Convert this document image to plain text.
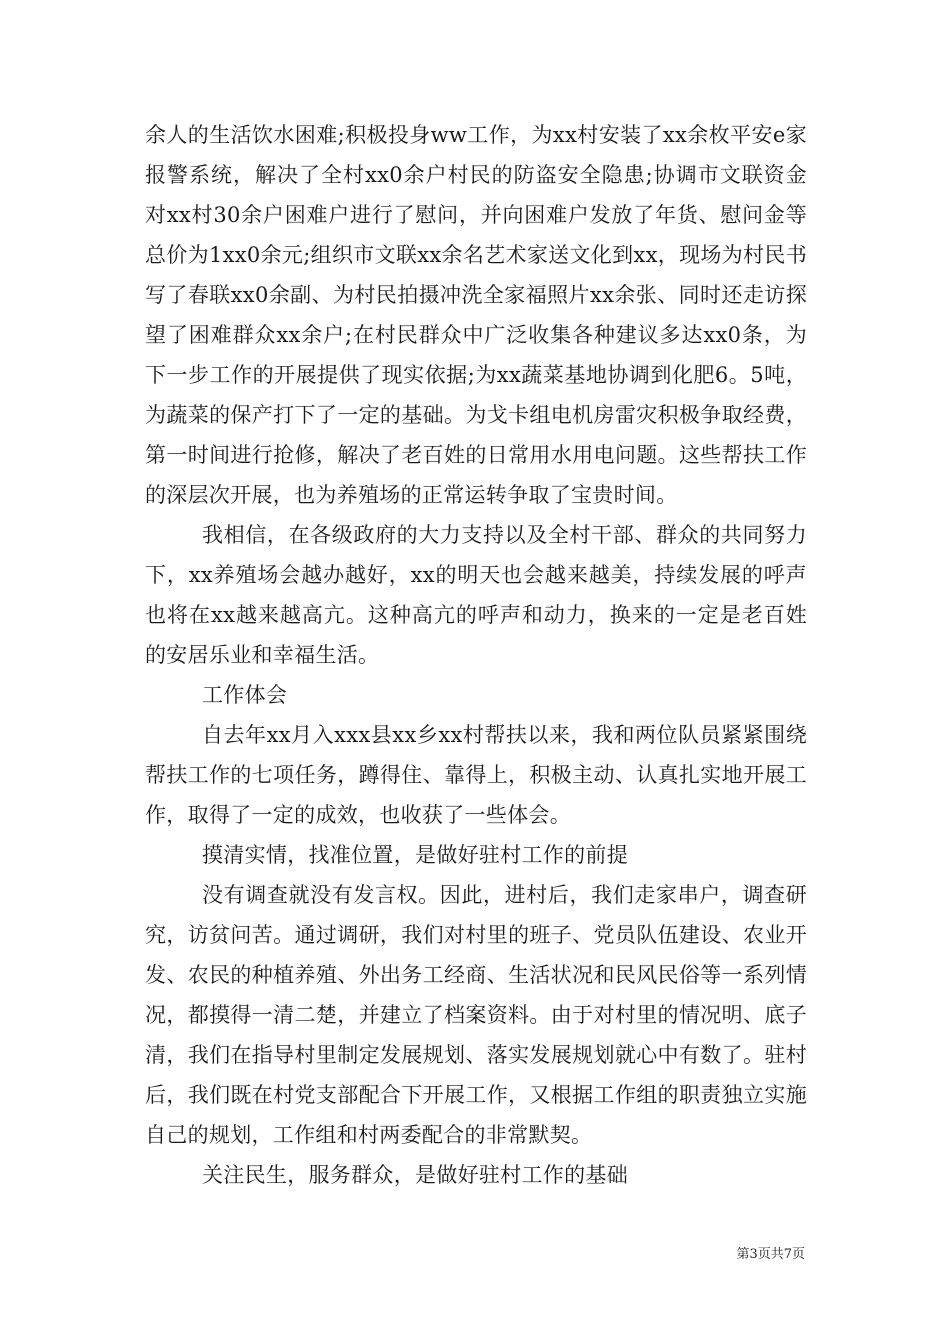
余人的生活饮水困难;积极投身ww工作，为xx村安装了xx余枚平安e家报警系统，解决了全村xx0余户村民的防盗安全隐患;协调市文联资金对xx村30余户困难户进行了慰问，并向困难户发放了年货、慰问金等总价为1xx0余元;组织市文联xx余名艺术家送文化到xx，现场为村民书写了春联xx0余副、为村民拍摄冲洗全家福照片xx余张、同时还走访探望了困难群众xx余户;在村民群众中广泛收集各种建议多达xx0条，为下一步工作的开展提供了现实依据;为xx蔬菜基地协调到化肥6。5吨，为蔬菜的保产打下了一定的基础。为戈卡组电机房雷灾积极争取经费，第一时间进行抢修，解决了老百姓的日常用水用电问题。这些帮扶工作的深层次开展，也为养殖场的正常运转争取了宝贵时间。

我相信，在各级政府的大力支持以及全村干部、群众的共同努力下，xx养殖场会越办越好，xx的明天也会越来越美，持续发展的呼声也将在xx越来越高亢。这种高亢的呼声和动力，换来的一定是老百姓的安居乐业和幸福生活。

工作体会

自去年xx月入xxx县xx乡xx村帮扶以来，我和两位队员紧紧围绕帮扶工作的七项任务，蹲得住、靠得上，积极主动、认真扎实地开展工作，取得了一定的成效，也收获了一些体会。

摸清实情，找准位置，是做好驻村工作的前提

没有调查就没有发言权。因此，进村后，我们走家串户，调查研究，访贫问苦。通过调研，我们对村里的班子、党员队伍建设、农业开发、农民的种植养殖、外出务工经商、生活状况和民风民俗等一系列情况，都摸得一清二楚，并建立了档案资料。由于对村里的情况明、底子清，我们在指导村里制定发展规划、落实发展规划就心中有数了。驻村后，我们既在村党支部配合下开展工作，又根据工作组的职责独立实施自己的规划，工作组和村两委配合的非常默契。

关注民生，服务群众，是做好驻村工作的基础

第3页共7页
